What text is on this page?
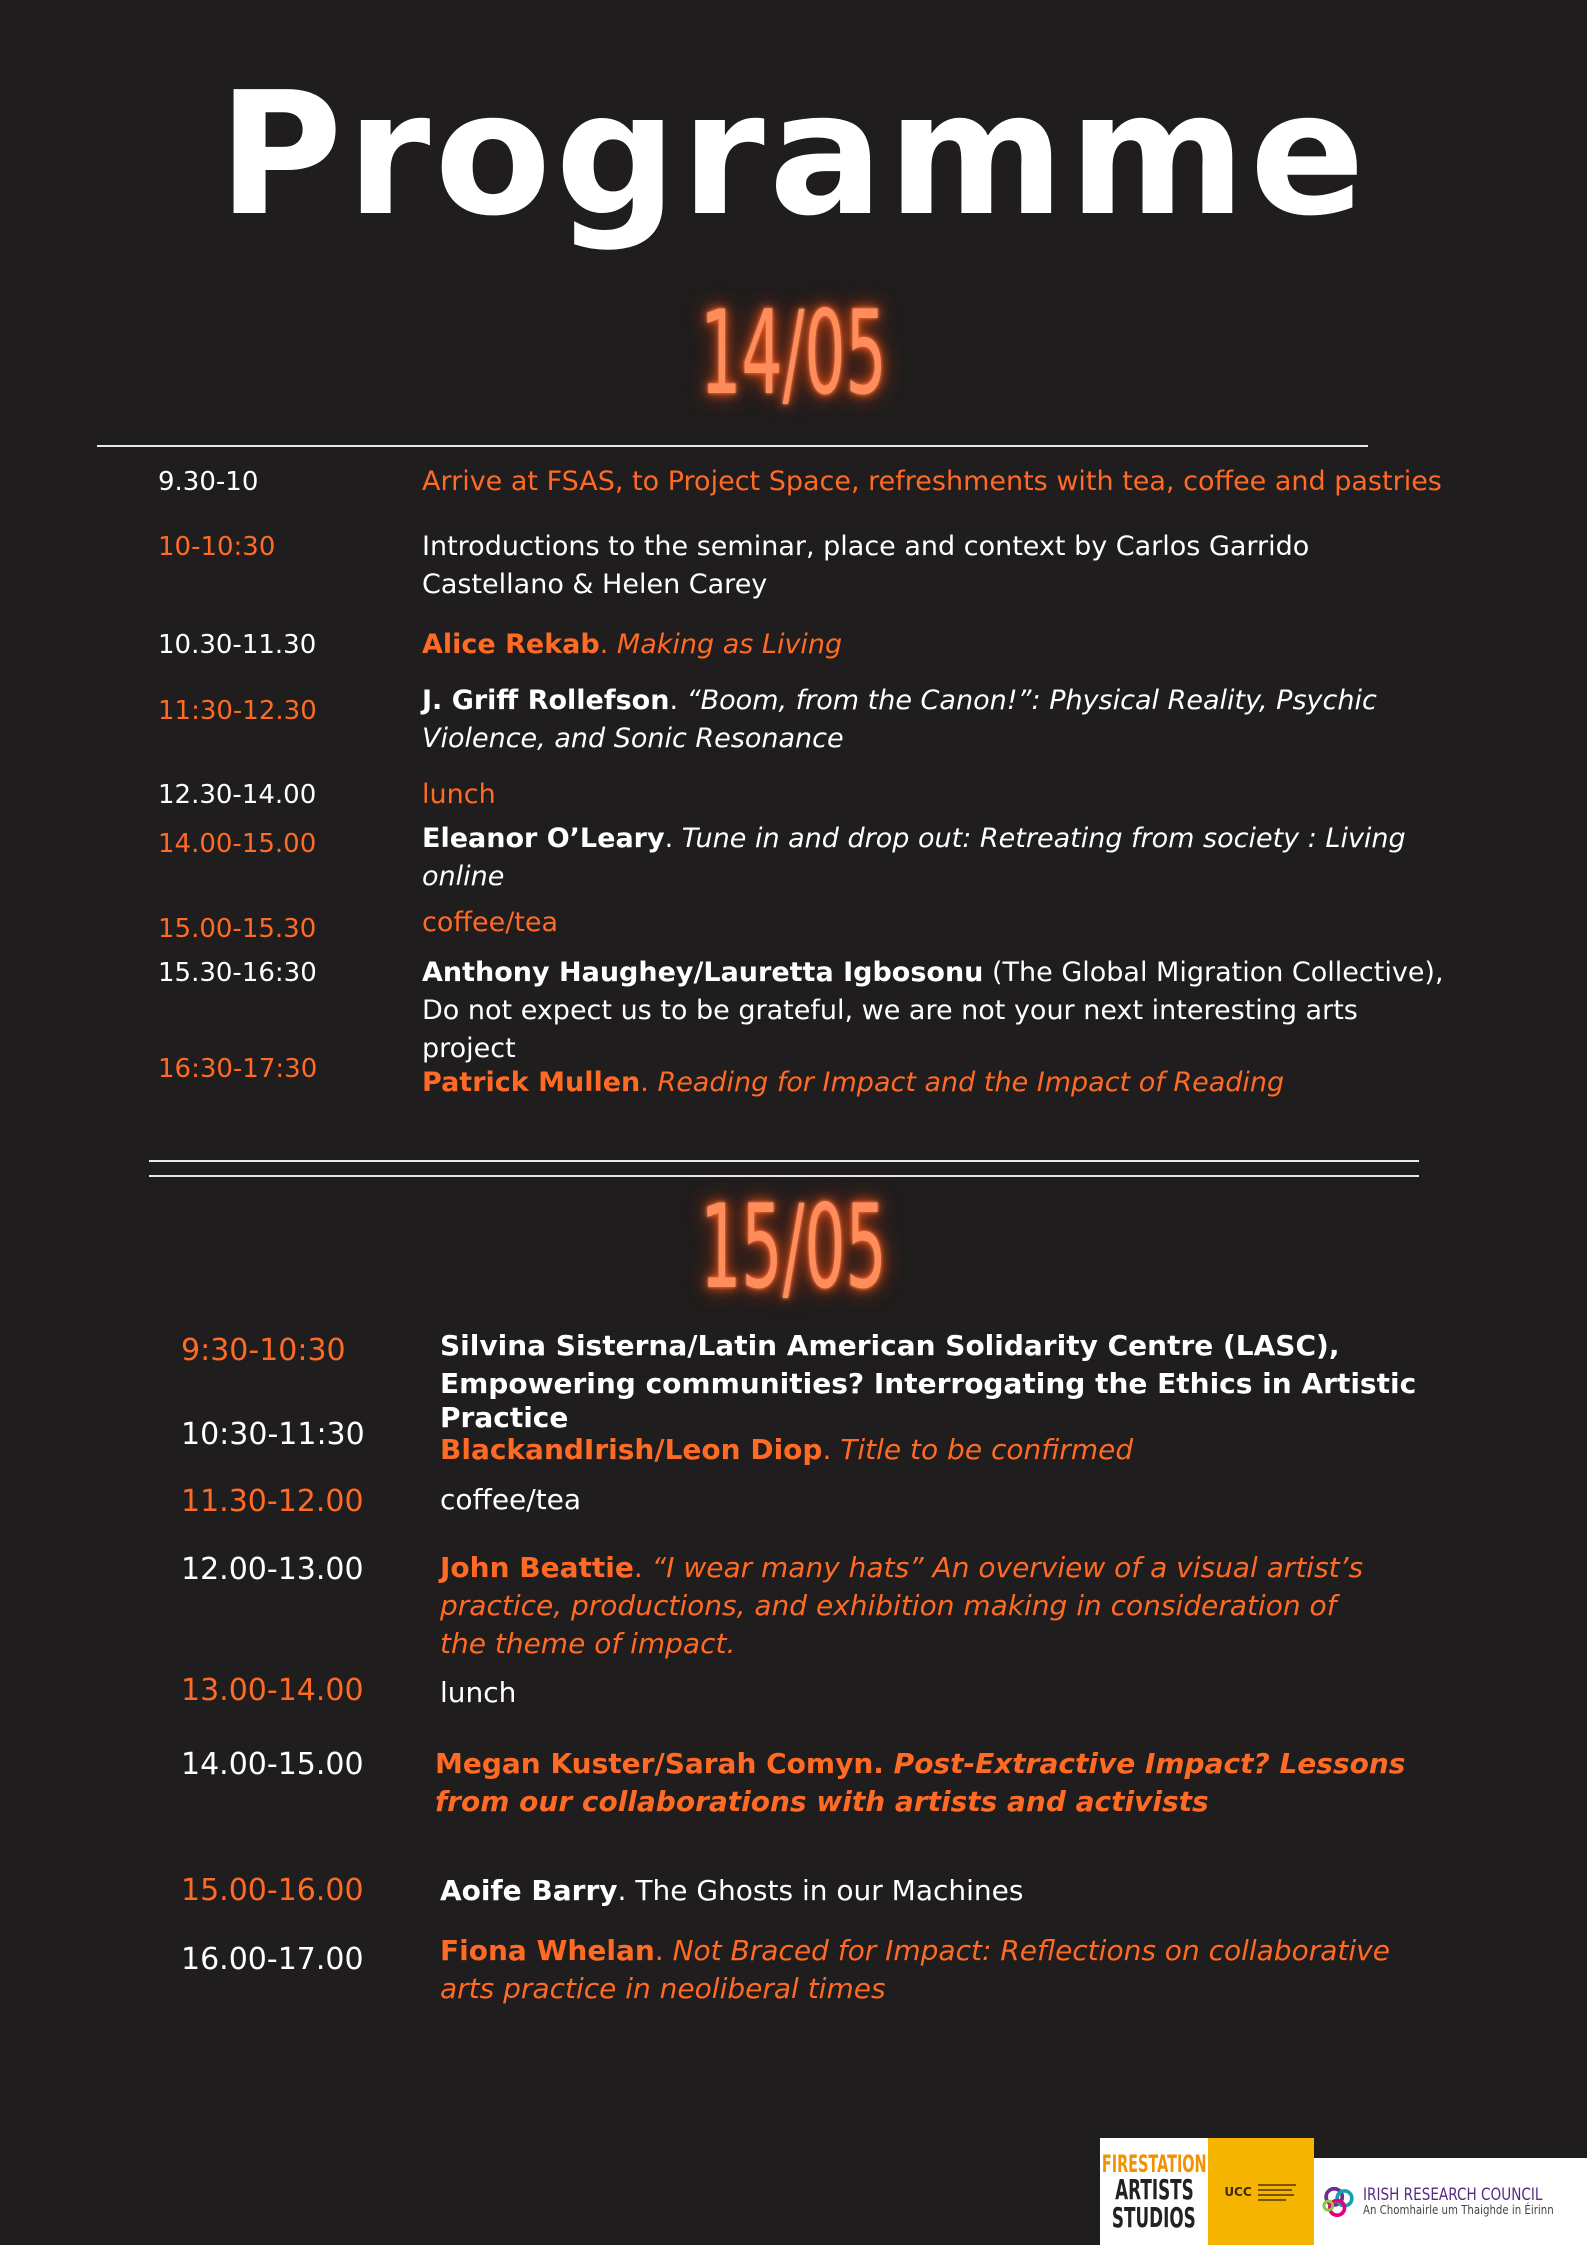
Programme
14/05
9.30-10	Arrive at FSAS, to Project Space, refreshments with tea, coffee and pastries
10-10:30	Introductions to the seminar, place and context by Carlos Garrido
Castellano & Helen Carey
10.30-11.30	Alice Rekab. Making as Living
11:30-12.30	J. Griff Rollefson. “Boom, from the Canon!”: Physical Reality, Psychic
Violence, and Sonic Resonance
12.30-14.00	lunch
14.00-15.00	Eleanor O’Leary. Tune in and drop out: Retreating from society : Living
online
15.00-15.30	coffee/tea
15.30-16:30	Anthony Haughey/Lauretta Igbosonu (The Global Migration Collective),
Do not expect us to be grateful, we are not your next interesting arts
project
16:30-17:30	Patrick Mullen. Reading for Impact and the Impact of Reading
15/05
9:30-10:30	Silvina Sisterna/Latin American Solidarity Centre (LASC),
Empowering communities? Interrogating the Ethics in Artistic
Practice
10:30-11:30	BlackandIrish/Leon Diop. Title to be confirmed
11.30-12.00	coffee/tea
12.00-13.00	John Beattie. “I wear many hats” An overview of a visual artist’s
practice, productions, and exhibition making in consideration of
the theme of impact.
13.00-14.00	lunch
14.00-15.00	Megan Kuster/Sarah Comyn. Post-Extractive Impact? Lessons
from our collaborations with artists and activists
15.00-16.00	Aoife Barry. The Ghosts in our Machines
16.00-17.00	Fiona Whelan. Not Braced for Impact: Reflections on collaborative
arts practice in neoliberal times
FIRESTATION
ARTISTS
STUDIOS
UCC	IRISH RESEARCH COUNCIL
An Chomhairle um Thaighde in Éirinn
